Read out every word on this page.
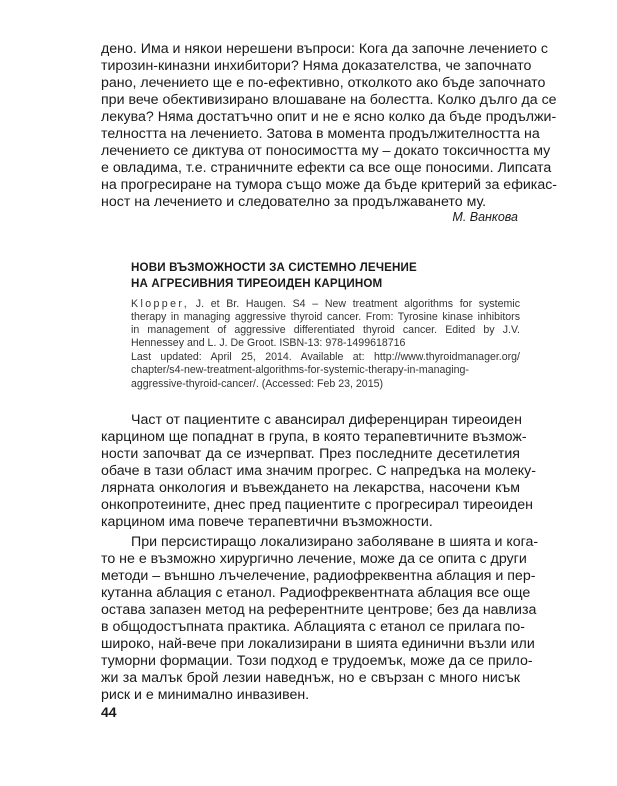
дено. Има и някои нерешени въпроси: Кога да започне лечението с
тирозин-киназни инхибитори? Няма доказателства, че започнато
рано, лечението ще е по-ефективно, отколкото ако бъде започнато
при вече обективизирано влошаване на болестта. Колко дълго да се
лекува? Няма достатъчно опит и не е ясно колко да бъде продължи-
телността на лечението. Затова в момента продължителността на
лечението се диктува от поносимостта му – докато токсичността му
е овладима, т.е. страничните ефекти са все още поносими. Липсата
на прогресиране на тумора също може да бъде критерий за ефикас-
ност на лечението и следователно за продължаването му.
М. Ванкова
НОВИ ВЪЗМОЖНОСТИ ЗА СИСТЕМНО ЛЕЧЕНИЕ
НА АГРЕСИВНИЯ ТИРЕОИДЕН КАРЦИНОМ
Klopper, J. et Br. Haugen. S4 – New treatment algorithms for systemic
therapy in managing aggressive thyroid cancer. From: Tyrosine kinase inhibitors
in management of aggressive differentiated thyroid cancer. Edited by J.V.
Hennessey and L. J. De Groot. ISBN-13: 978-1499618716
Last updated: April 25, 2014. Available at: http://www.thyroidmanager.org/
chapter/s4-new-treatment-algorithms-for-systemic-therapy-in-managing-
aggressive-thyroid-cancer/. (Accessed: Feb 23, 2015)
Част от пациентите с авансирал диференциран тиреоиден
карцином ще попаднат в група, в която терапевтичните възмож-
ности започват да се изчерпват. През последните десетилетия
обаче в тази област има значим прогрес. С напредъка на молеку-
лярната онкология и въвеждането на лекарства, насочени към
онкопротеините, днес пред пациентите с прогресирал тиреоиден
карцином има повече терапевтични възможности.
При персистиращо локализирано заболяване в шията и кога-
то не е възможно хирургично лечение, може да се опита с други
методи – външно лъчелечение, радиофреквентна аблация и пер-
кутанна аблация с етанол. Радиофреквентната аблация все още
остава запазен метод на референтните центрове; без да навлиза
в общодостъпната практика. Аблацията с етанол се прилага по-
широко, най-вече при локализирани в шията единични възли или
туморни формации. Този подход е трудоемък, може да се прило-
жи за малък брой лезии наведнъж, но е свързан с много нисък
риск и е минимално инвазивен.
44
